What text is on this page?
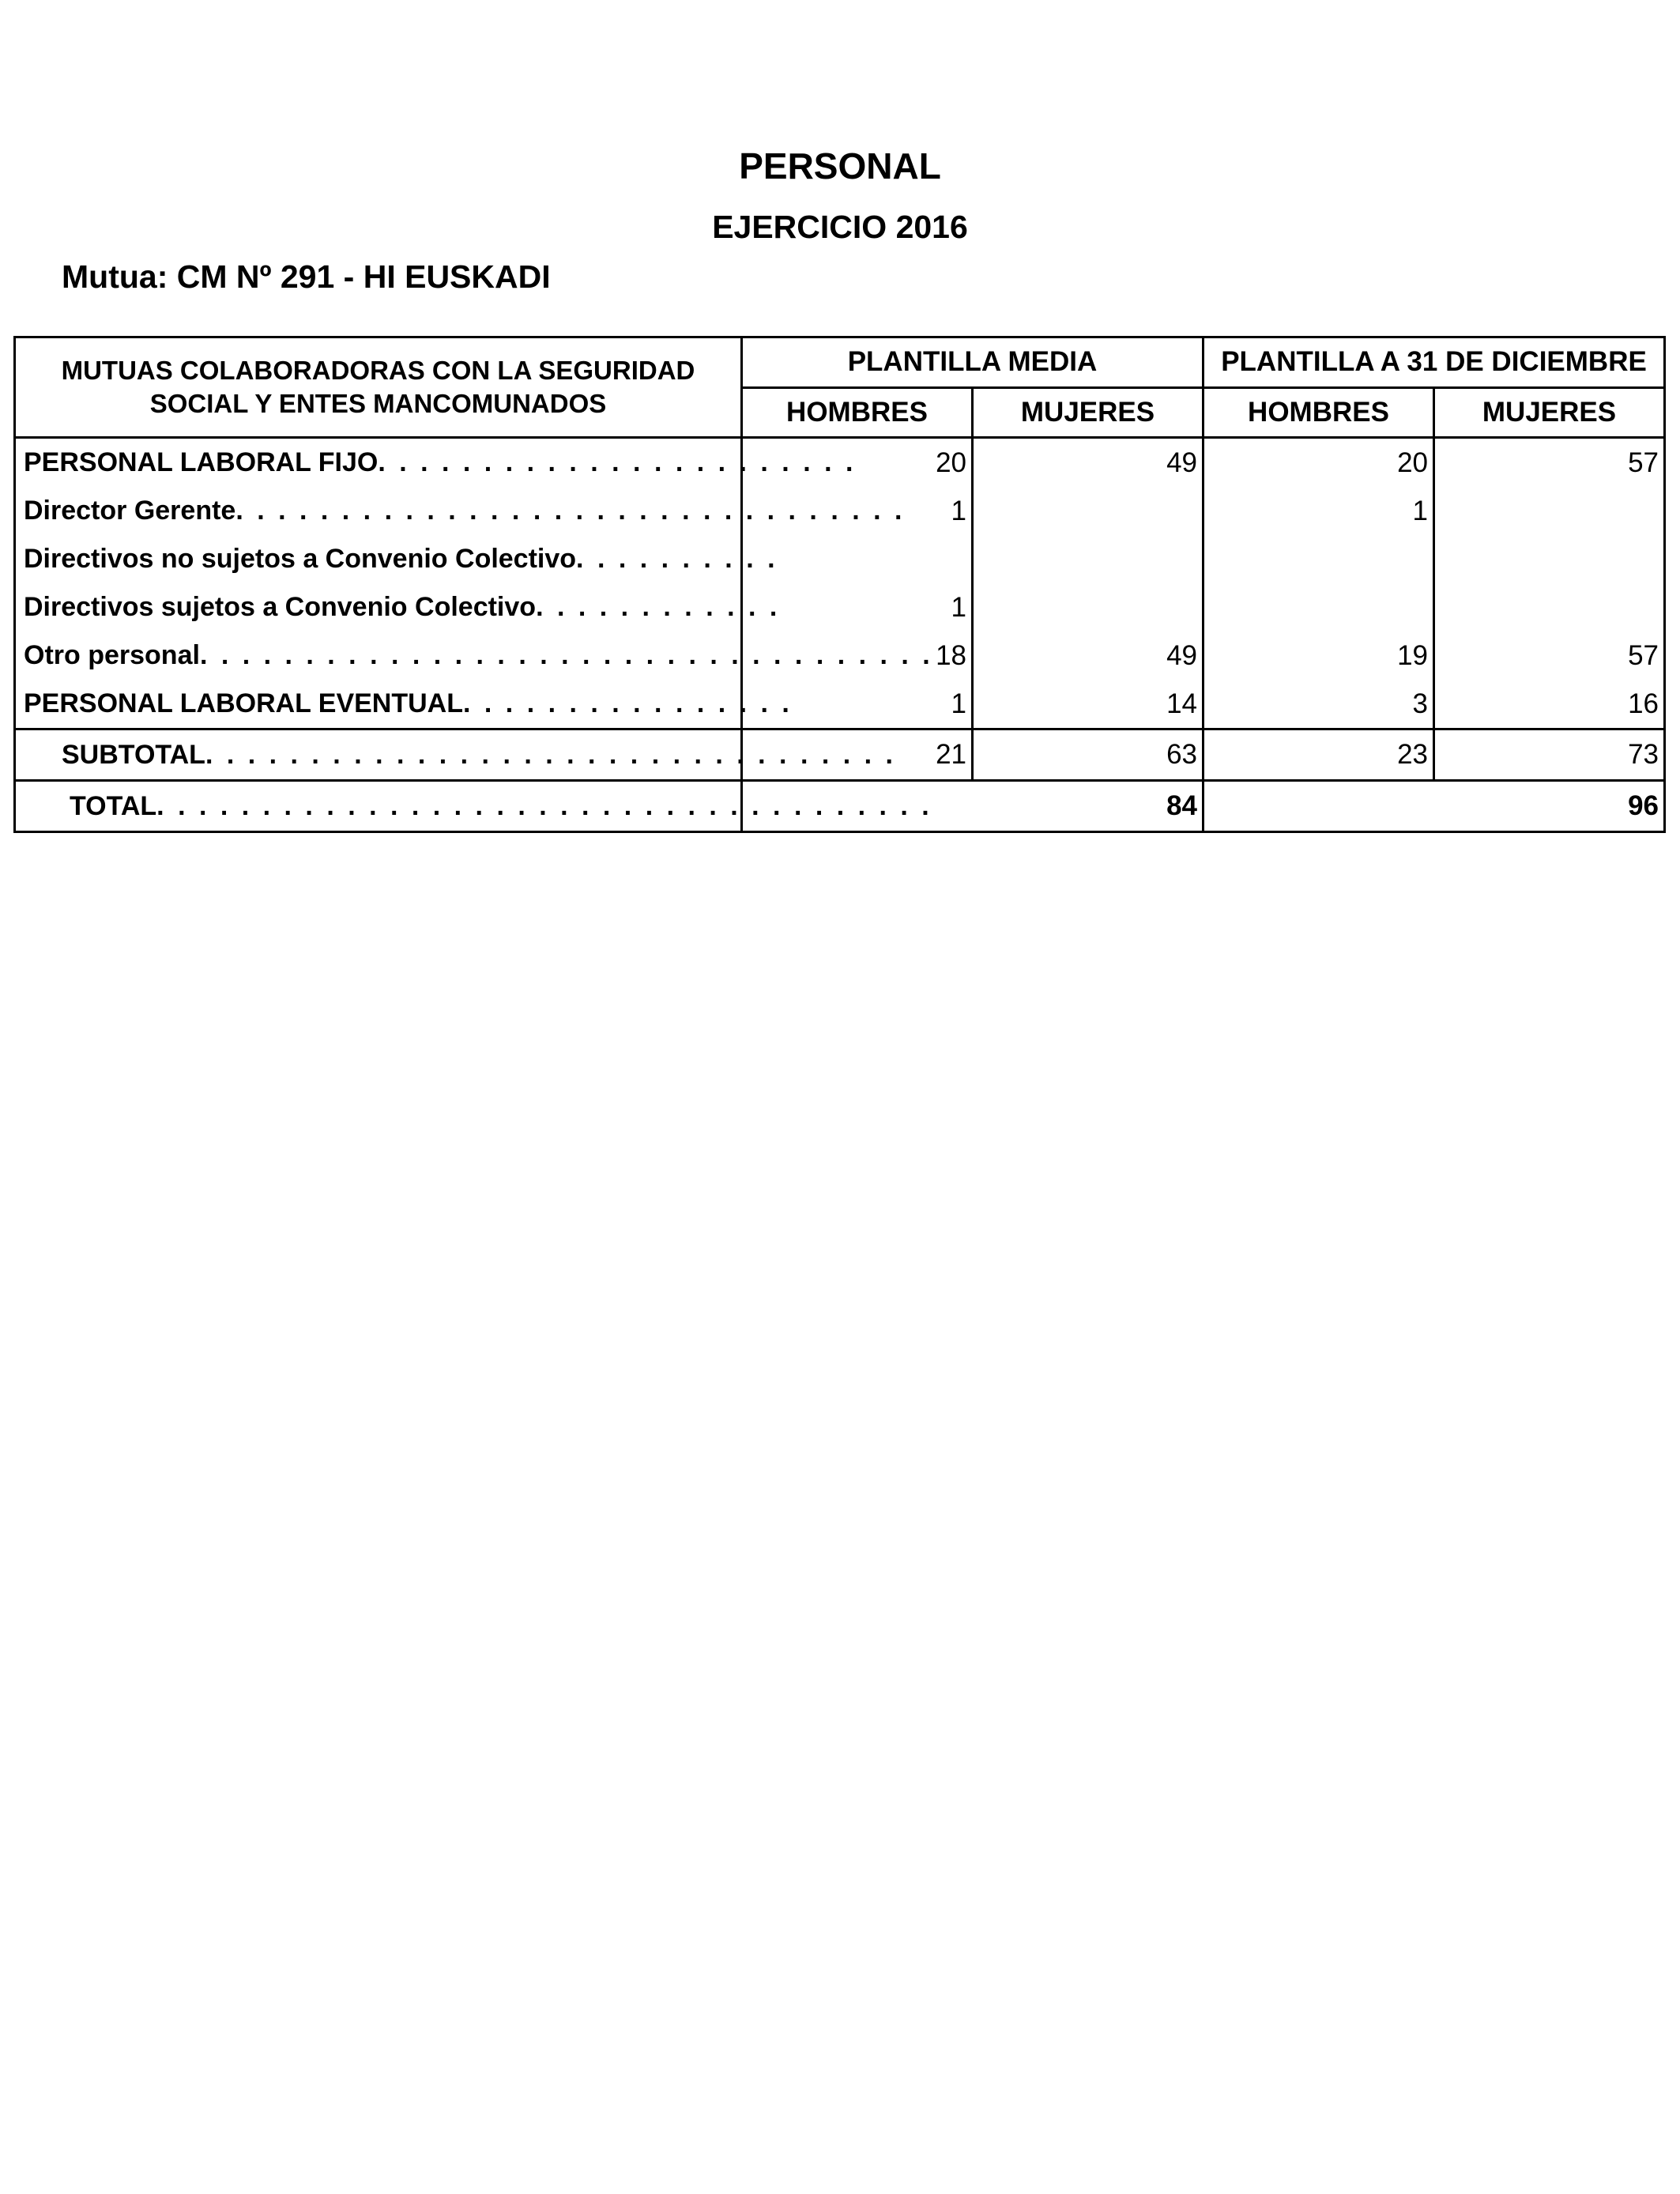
PERSONAL
EJERCICIO 2016
Mutua: CM Nº 291 - HI EUSKADI
MUTUAS COLABORADORAS CON LA SEGURIDAD
SOCIAL Y ENTES MANCOMUNADOS	PLANTILLA MEDIA		PLANTILLA A 31 DE DICIEMBRE	
	HOMBRES	MUJERES	HOMBRES	MUJERES
PERSONAL LABORAL FIJO. . . . . . . . . . . . . . . . . . . . . . .	20	49	20	57
Director Gerente. . . . . . . . . . . . . . . . . . . . . . . . . . . . . . . .	1		1	
Directivos no sujetos a Convenio Colectivo. . . . . . . . . .				
Directivos sujetos a Convenio Colectivo. . . . . . . . . . . .	1			
Otro personal. . . . . . . . . . . . . . . . . . . . . . . . . . . . . . . . . . .	18	49	19	57
PERSONAL LABORAL EVENTUAL. . . . . . . . . . . . . . . .	1	14	3	16
SUBTOTAL. . . . . . . . . . . . . . . . . . . . . . . . . . . . . . . . .	21	63	23	73
TOTAL. . . . . . . . . . . . . . . . . . . . . . . . . . . . . . . . . . . . .	84		96	
